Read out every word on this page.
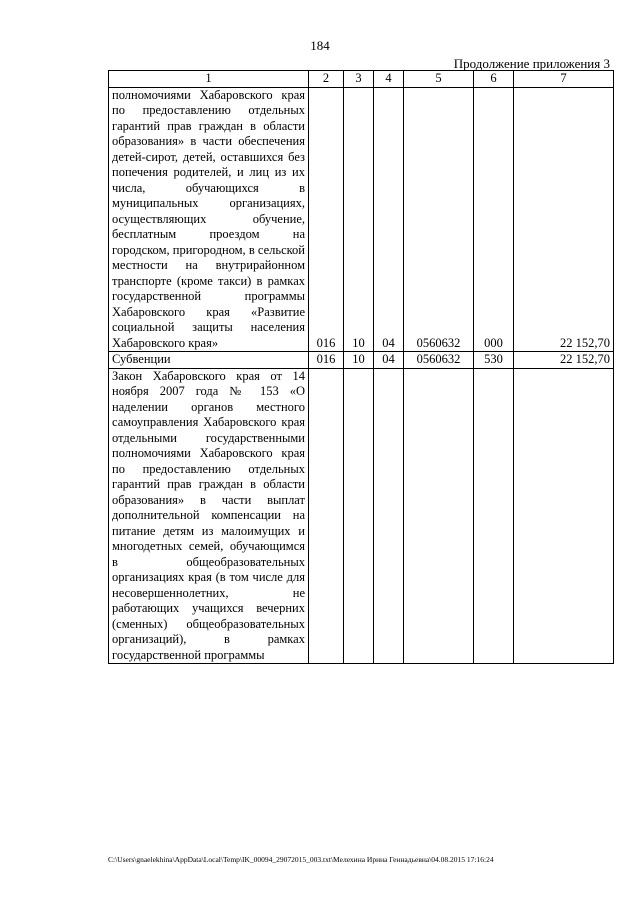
184
Продолжение приложения 3
1	2	3	4	5	6	7
полномочиями Хабаровского края по предоставлению отдельных гарантий прав граждан в области образования» в части обеспечения детей-сирот, детей, оставшихся без попечения родителей, и лиц из их числа, обучающихся в муниципальных организациях, осуществляющих обучение, бесплатным проездом на городском, пригородном, в сельской местности на внутрирайонном транспорте (кроме такси) в рамках государственной программы Хабаровского края «Развитие социальной защиты населения Хабаровского края»	016	10	04	0560632	000	22 152,70
Субвенции	016	10	04	0560632	530	22 152,70
Закон Хабаровского края от 14 ноября 2007 года № 153 «О наделении органов местного самоуправления Хабаровского края отдельными государственными полномочиями Хабаровского края по предоставлению отдельных гарантий прав граждан в области образования» в части выплат дополнительной компенсации на питание детям из малоимущих и многодетных семей, обучающимся в общеобразовательных организациях края (в том числе для несовершеннолетних, не работающих учащихся вечерних (сменных) общеобразовательных организаций), в рамках государственной программы						
C:\Users\gnaelekhina\AppData\Local\Temp\IK_00094_29072015_003.txt\Мелехина Ирина Геннадьевна\04.08.2015 17:16:24
